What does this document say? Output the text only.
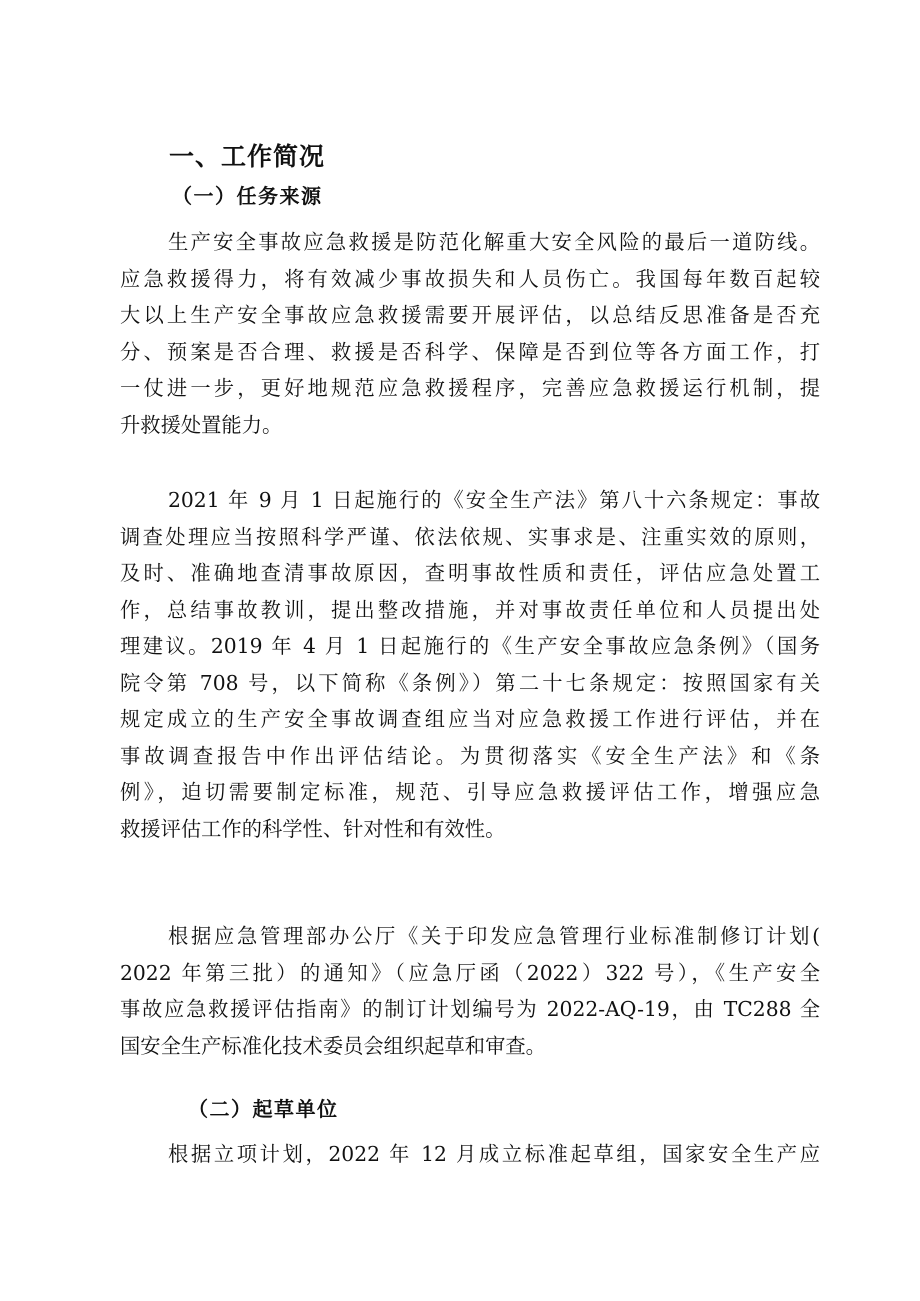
一、工作简况
（一）任务来源

生产安全事故应急救援是防范化解重大安全风险的最后一道防线。
应急救援得力，将有效减少事故损失和人员伤亡。我国每年数百起较
大以上生产安全事故应急救援需要开展评估，以总结反思准备是否充
分、预案是否合理、救援是否科学、保障是否到位等各方面工作，打
一仗进一步，更好地规范应急救援程序，完善应急救援运行机制，提
升救援处置能力。

2021 年 9 月 1 日起施行的《安全生产法》第八十六条规定：事故
调查处理应当按照科学严谨、依法依规、实事求是、注重实效的原则，
及时、准确地查清事故原因，查明事故性质和责任，评估应急处置工
作，总结事故教训，提出整改措施，并对事故责任单位和人员提出处
理建议。2019 年 4 月 1 日起施行的《生产安全事故应急条例》（国务
院令第 708 号，以下简称《条例》）第二十七条规定：按照国家有关
规定成立的生产安全事故调查组应当对应急救援工作进行评估，并在
事故调查报告中作出评估结论。为贯彻落实《安全生产法》和《条
例》，迫切需要制定标准，规范、引导应急救援评估工作，增强应急
救援评估工作的科学性、针对性和有效性。

根据应急管理部办公厅《关于印发应急管理行业标准制修订计划(
2022 年第三批）的通知》（应急厅函（2022）322 号），《生产安全
事故应急救援评估指南》的制订计划编号为 2022-AQ-19，由 TC288 全
国安全生产标准化技术委员会组织起草和审查。

（二）起草单位

根据立项计划，2022 年 12 月成立标准起草组，国家安全生产应
